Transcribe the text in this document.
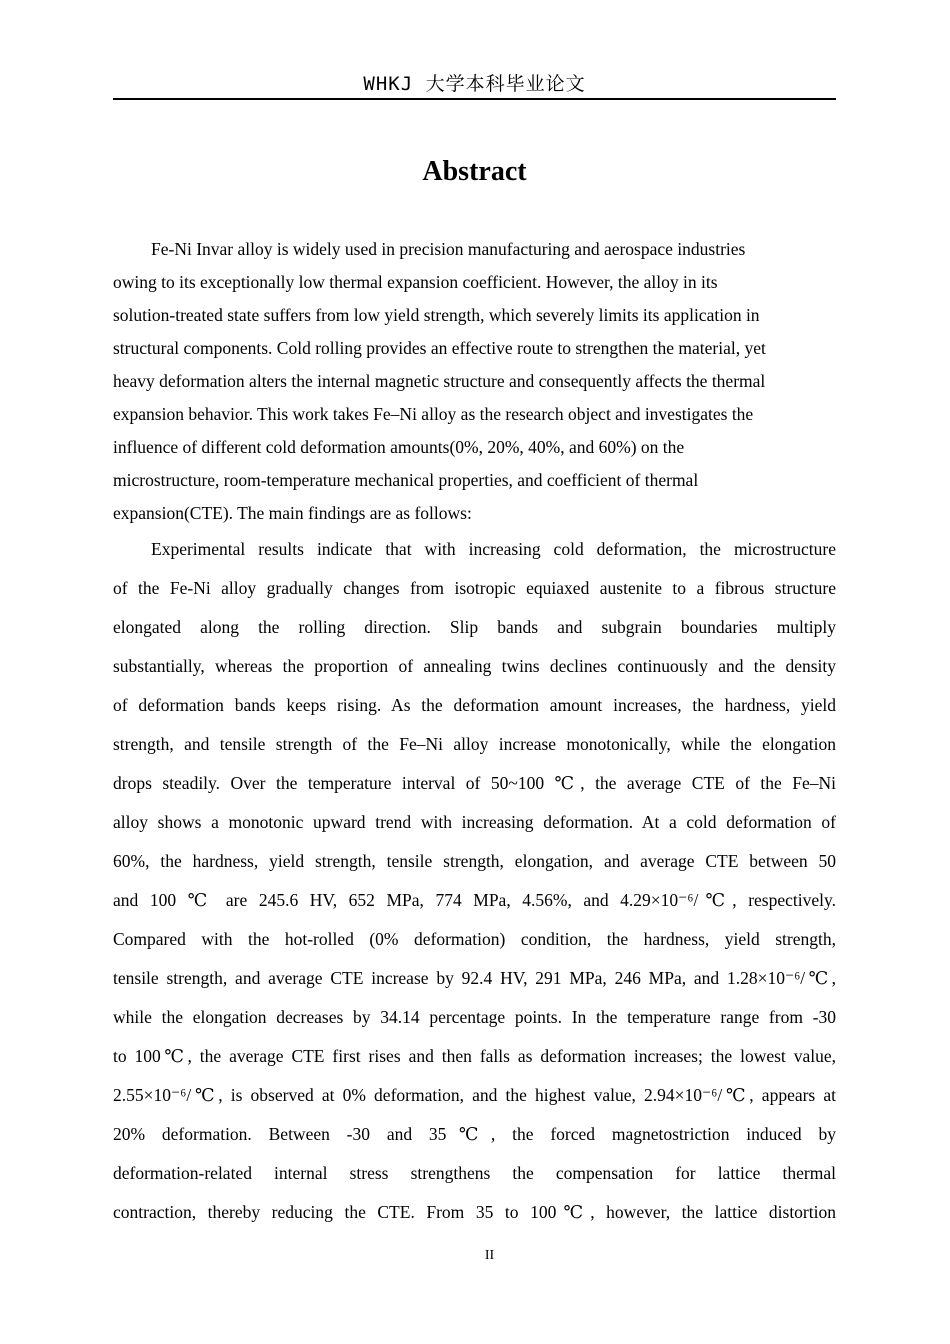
WHKJ 大学本科毕业论文
Abstract
Fe-Ni Invar alloy is widely used in precision manufacturing and aerospace industries
owing to its exceptionally low thermal expansion coefficient. However, the alloy in its
solution-treated state suffers from low yield strength, which severely limits its application in
structural components. Cold rolling provides an effective route to strengthen the material, yet
heavy deformation alters the internal magnetic structure and consequently affects the thermal
expansion behavior. This work takes Fe–Ni alloy as the research object and investigates the
influence of different cold deformation amounts(0%, 20%, 40%, and 60%) on the
microstructure, room-temperature mechanical properties, and coefficient of thermal
expansion(CTE). The main findings are as follows:
Experimental results indicate that with increasing cold deformation, the microstructure
of the Fe-Ni alloy gradually changes from isotropic equiaxed austenite to a fibrous structure
elongated along the rolling direction. Slip bands and subgrain boundaries multiply
substantially, whereas the proportion of annealing twins declines continuously and the density
of deformation bands keeps rising. As the deformation amount increases, the hardness, yield
strength, and tensile strength of the Fe–Ni alloy increase monotonically, while the elongation
drops steadily. Over the temperature interval of 50~100 ℃, the average CTE of the Fe–Ni
alloy shows a monotonic upward trend with increasing deformation. At a cold deformation of
60%, the hardness, yield strength, tensile strength, elongation, and average CTE between 50
and 100 ℃ are 245.6 HV, 652 MPa, 774 MPa, 4.56%, and 4.29×10⁻⁶/℃, respectively.
Compared with the hot-rolled (0% deformation) condition, the hardness, yield strength,
tensile strength, and average CTE increase by 92.4 HV, 291 MPa, 246 MPa, and 1.28×10⁻⁶/℃,
while the elongation decreases by 34.14 percentage points. In the temperature range from -30
to 100℃, the average CTE first rises and then falls as deformation increases; the lowest value,
2.55×10⁻⁶/℃, is observed at 0% deformation, and the highest value, 2.94×10⁻⁶/℃, appears at
20% deformation. Between -30 and 35℃, the forced magnetostriction induced by
deformation-related internal stress strengthens the compensation for lattice thermal
contraction, thereby reducing the CTE. From 35 to 100℃, however, the lattice distortion
II
